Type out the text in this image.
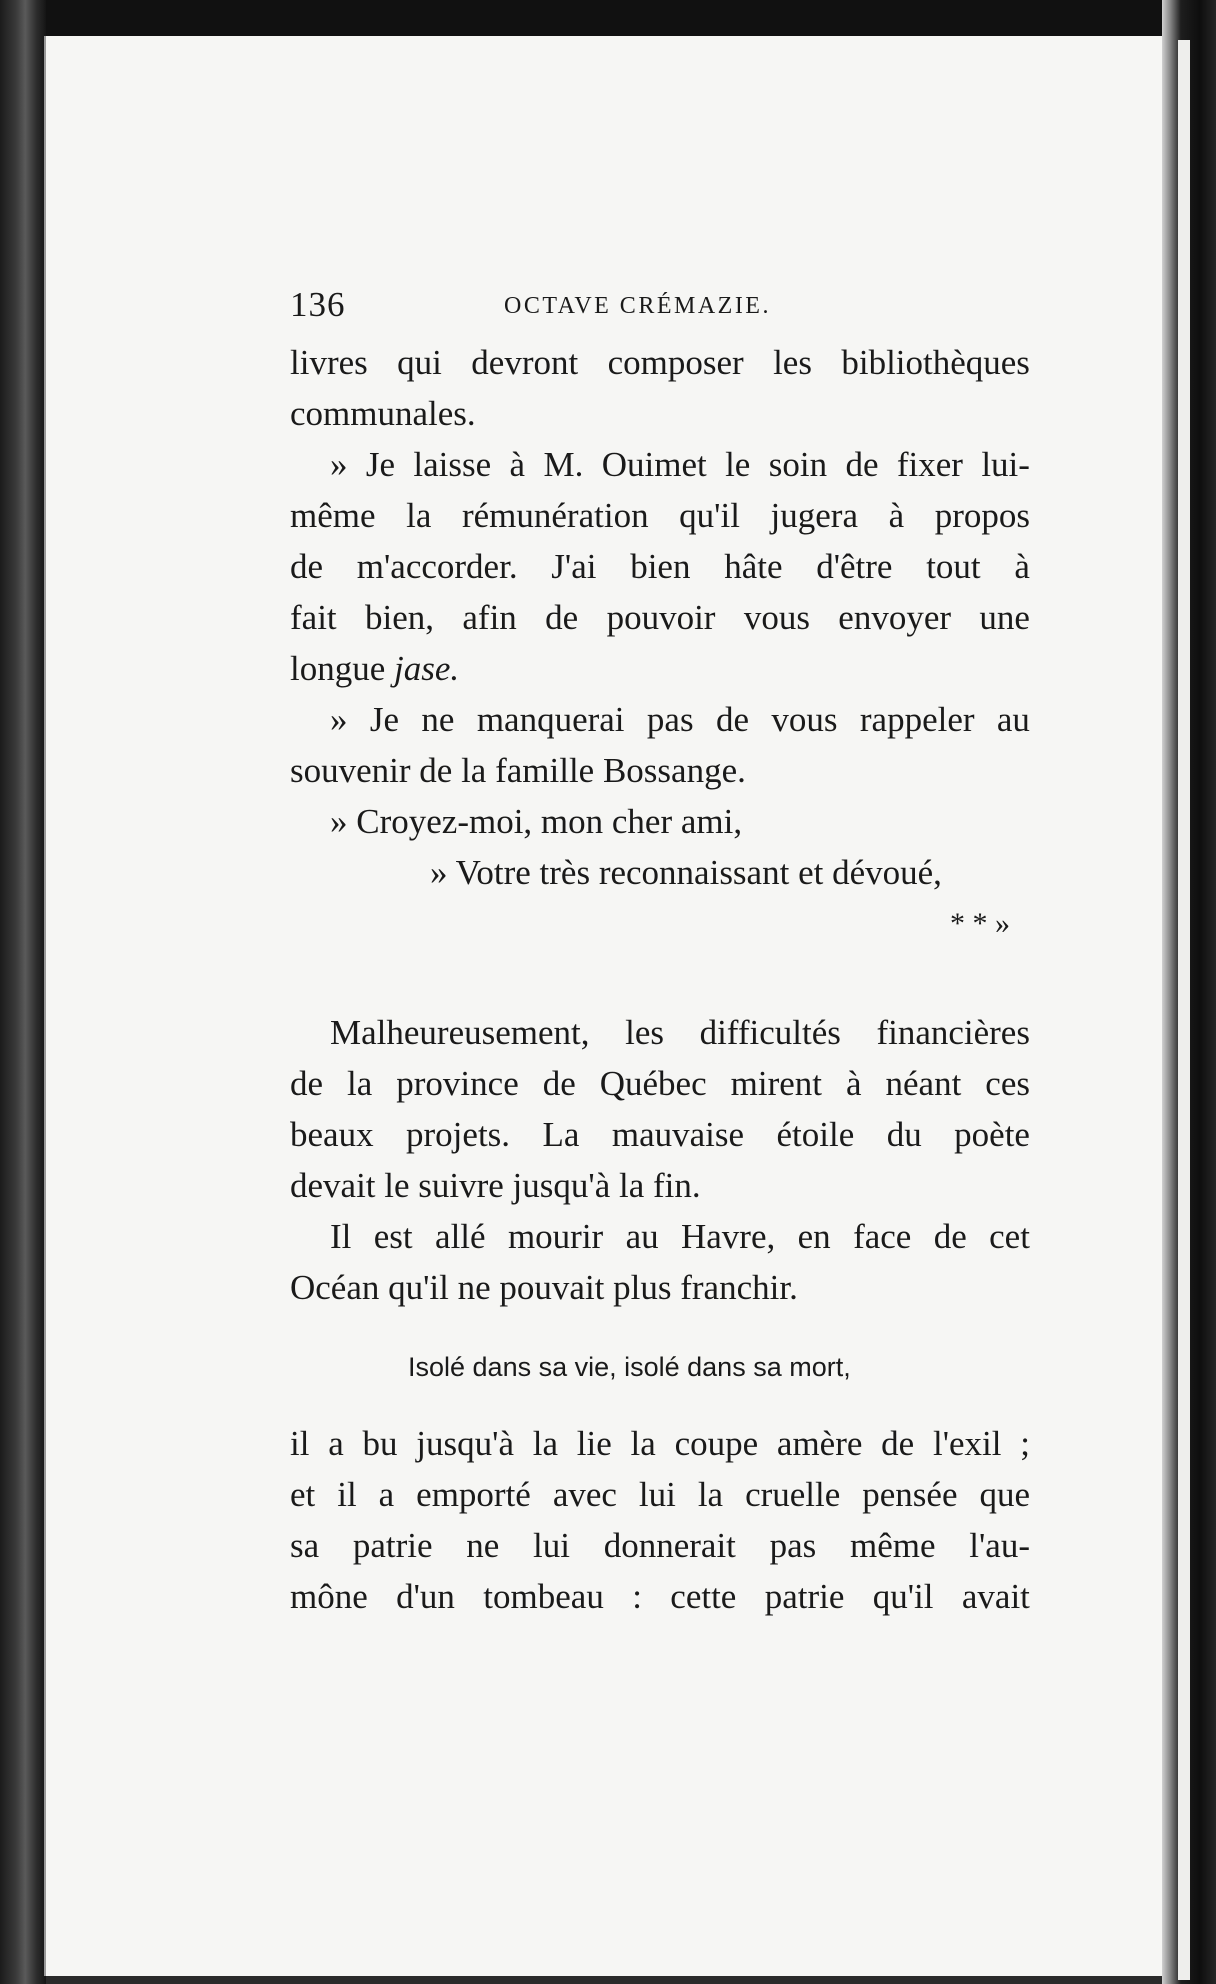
136	OCTAVE CRÉMAZIE.
livres qui devront composer les bibliothèques
communales.
» Je laisse à M. Ouimet le soin de fixer lui-
même la rémunération qu'il jugera à propos
de m'accorder. J'ai bien hâte d'être tout à
fait bien, afin de pouvoir vous envoyer une
longue
jase.
» Je ne manquerai pas de vous rappeler au
souvenir de la famille Bossange.
» Croyez-moi, mon cher ami,
» Votre très reconnaissant et dévoué,
* * »
Malheureusement, les difficultés financières
de la province de Québec mirent à néant ces
beaux projets. La mauvaise étoile du poète
devait le suivre jusqu'à la fin.
Il est allé mourir au Havre, en face de cet
Océan qu'il ne pouvait plus franchir.
Isolé dans sa vie, isolé dans sa mort,
il a bu jusqu'à la lie la coupe amère de l'exil ;
et il a emporté avec lui la cruelle pensée que
sa patrie ne lui donnerait pas même l'au-
mône d'un tombeau : cette patrie qu'il avait
